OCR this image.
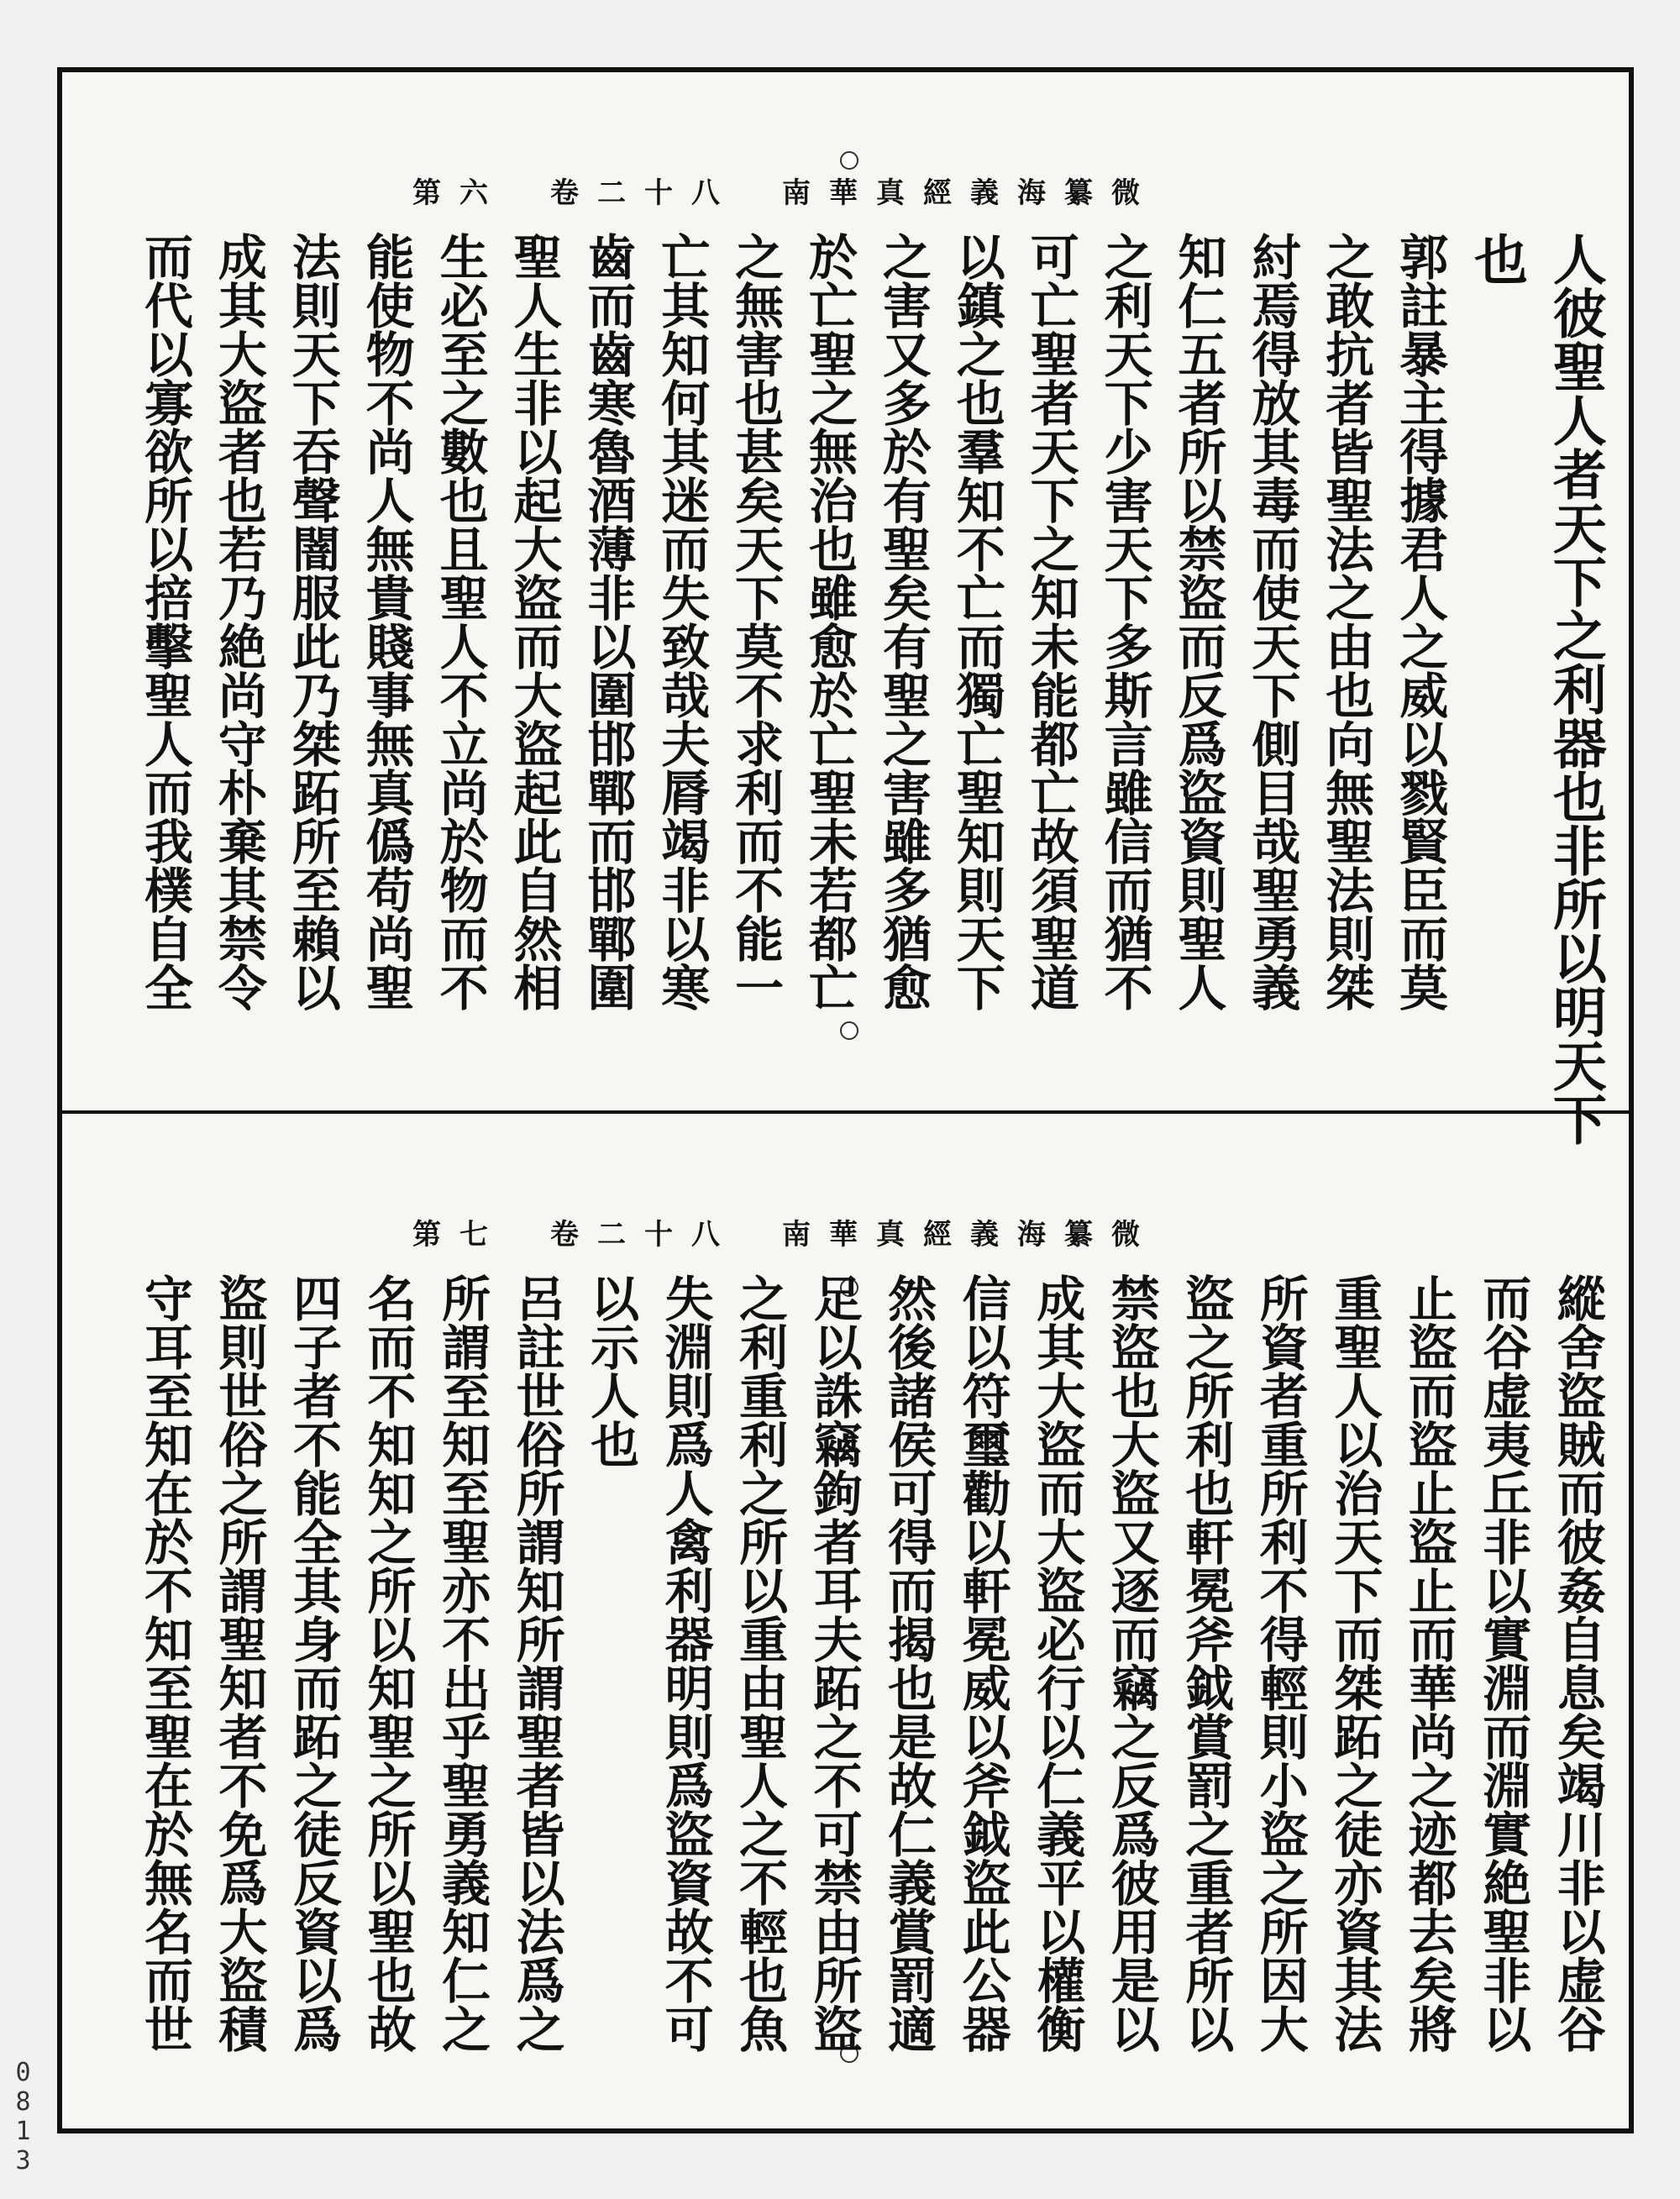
南華真經義海纂微
卷二十八
第六
人彼聖人者天下之利器也非所以明天下
也
郭註暴主得據君人之威以戮賢臣而莫
之敢抗者皆聖法之由也向無聖法則桀
紂焉得放其毒而使天下側目哉聖勇義
知仁五者所以禁盜而反爲盜資則聖人
之利天下少害天下多斯言雖信而猶不
可亡聖者天下之知未能都亡故須聖道
以鎮之也羣知不亡而獨亡聖知則天下
之害又多於有聖矣有聖之害雖多猶愈
於亡聖之無治也雖愈於亡聖未若都亡
之無害也甚矣天下莫不求利而不能一
亡其知何其迷而失致哉夫脣竭非以寒
齒而齒寒魯酒薄非以圍邯鄲而邯鄲圍
聖人生非以起大盜而大盜起此自然相
生必至之數也且聖人不立尚於物而不
能使物不尚人無貴賤事無真僞苟尚聖
法則天下吞聲闇服此乃桀跖所至賴以
成其大盜者也若乃絶尚守朴棄其禁令
而代以寡欲所以掊擊聖人而我樸自全
南華真經義海纂微
卷二十八
第七
縱舍盜賊而彼姦自息矣竭川非以虚谷
而谷虚夷丘非以實淵而淵實絶聖非以
止盜而盜止盜止而華尚之迹都去矣將
重聖人以治天下而桀跖之徒亦資其法
所資者重所利不得輕則小盜之所因大
盜之所利也軒冕斧鉞賞罰之重者所以
禁盜也大盜又逐而竊之反爲彼用是以
成其大盜而大盜必行以仁義平以權衡
信以符璽勸以軒冕威以斧鉞盜此公器
然後諸侯可得而揭也是故仁義賞罰適
足以誅竊鉤者耳夫跖之不可禁由所盜
之利重利之所以重由聖人之不輕也魚
失淵則爲人禽利器明則爲盜資故不可
以示人也
呂註世俗所謂知所謂聖者皆以法爲之
所謂至知至聖亦不出乎聖勇義知仁之
名而不知知之所以知聖之所以聖也故
四子者不能全其身而跖之徒反資以爲
盜則世俗之所謂聖知者不免爲大盜積
守耳至知在於不知至聖在於無名而世
0813
